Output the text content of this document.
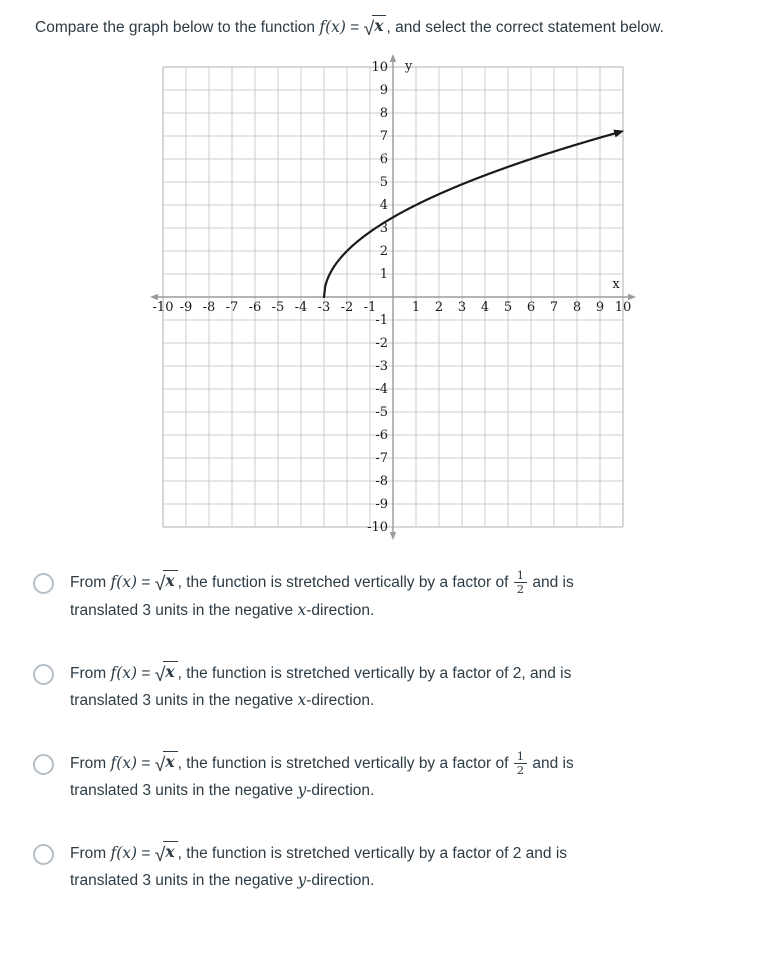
Compare the graph below to the function f(x) = √x , and select the correct statement below.
-10
-10
-9
-9
-8
-8
-7
-7
-6
-6
-5
-5
-4
-4
-3
-3
-2
-2
-1
-1
1
1
2
2
3
3
4
4
5
5
6
6
7
7
8
8
9
9
10
10
x
y
From f(x) = √x , the function is stretched vertically by a factor of $\frac{1}{2}$ and is
translated 3 units in the negative x-direction.
From f(x) = √x , the function is stretched vertically by a factor of 2, and is
translated 3 units in the negative x-direction.
From f(x) = √x , the function is stretched vertically by a factor of $\frac{1}{2}$ and is
translated 3 units in the negative y-direction.
From f(x) = √x , the function is stretched vertically by a factor of 2 and is
translated 3 units in the negative y-direction.
